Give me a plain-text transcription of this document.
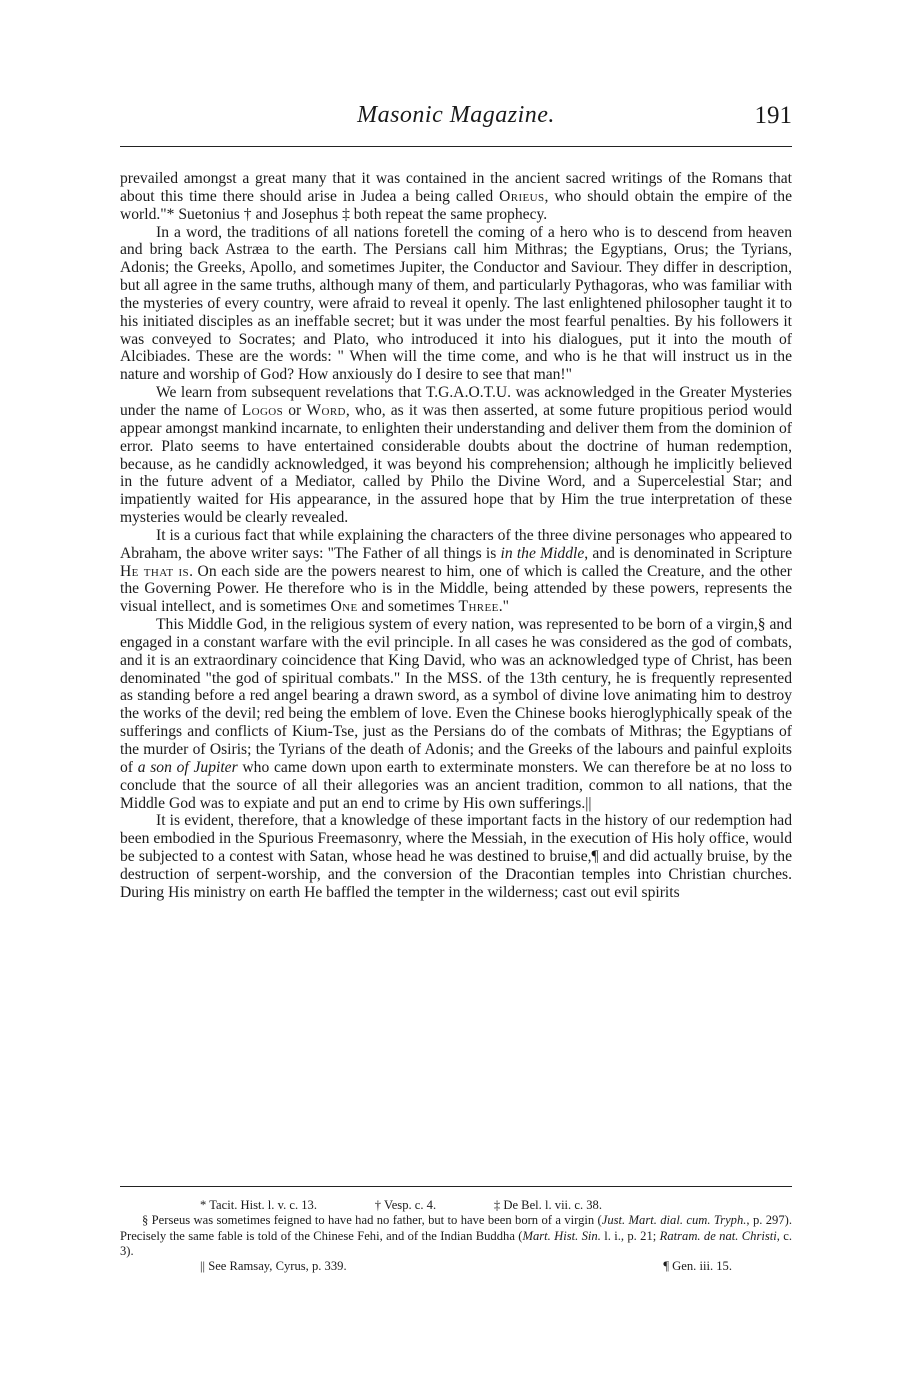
Masonic Magazine.	191

prevailed amongst a great many that it was contained in the ancient sacred writings of the Romans that about this time there should arise in Judea a being called Orieus, who should obtain the empire of the world."* Suetonius † and Josephus ‡ both repeat the same prophecy.

In a word, the traditions of all nations foretell the coming of a hero who is to descend from heaven and bring back Astræa to the earth. The Persians call him Mithras; the Egyptians, Orus; the Tyrians, Adonis; the Greeks, Apollo, and sometimes Jupiter, the Conductor and Saviour. They differ in description, but all agree in the same truths, although many of them, and particularly Pythagoras, who was familiar with the mysteries of every country, were afraid to reveal it openly. The last enlightened philosopher taught it to his initiated disciples as an ineffable secret; but it was under the most fearful penalties. By his followers it was conveyed to Socrates; and Plato, who introduced it into his dialogues, put it into the mouth of Alcibiades. These are the words: " When will the time come, and who is he that will instruct us in the nature and worship of God? How anxiously do I desire to see that man!"

We learn from subsequent revelations that T.G.A.O.T.U. was acknowledged in the Greater Mysteries under the name of Logos or Word, who, as it was then asserted, at some future propitious period would appear amongst mankind incarnate, to enlighten their understanding and deliver them from the dominion of error. Plato seems to have entertained considerable doubts about the doctrine of human redemption, because, as he candidly acknowledged, it was beyond his comprehension; although he implicitly believed in the future advent of a Mediator, called by Philo the Divine Word, and a Supercelestial Star; and impatiently waited for His appearance, in the assured hope that by Him the true interpretation of these mysteries would be clearly revealed.

It is a curious fact that while explaining the characters of the three divine personages who appeared to Abraham, the above writer says: "The Father of all things is in the Middle, and is denominated in Scripture He that is. On each side are the powers nearest to him, one of which is called the Creature, and the other the Governing Power. He therefore who is in the Middle, being attended by these powers, represents the visual intellect, and is sometimes One and sometimes Three."

This Middle God, in the religious system of every nation, was represented to be born of a virgin,§ and engaged in a constant warfare with the evil principle. In all cases he was considered as the god of combats, and it is an extraordinary coincidence that King David, who was an acknowledged type of Christ, has been denominated "the god of spiritual combats." In the MSS. of the 13th century, he is frequently represented as standing before a red angel bearing a drawn sword, as a symbol of divine love animating him to destroy the works of the devil; red being the emblem of love. Even the Chinese books hieroglyphically speak of the sufferings and conflicts of Kium-Tse, just as the Persians do of the combats of Mithras; the Egyptians of the murder of Osiris; the Tyrians of the death of Adonis; and the Greeks of the labours and painful exploits of a son of Jupiter who came down upon earth to exterminate monsters. We can therefore be at no loss to conclude that the source of all their allegories was an ancient tradition, common to all nations, that the Middle God was to expiate and put an end to crime by His own sufferings.||

It is evident, therefore, that a knowledge of these important facts in the history of our redemption had been embodied in the Spurious Freemasonry, where the Messiah, in the execution of His holy office, would be subjected to a contest with Satan, whose head he was destined to bruise,¶ and did actually bruise, by the destruction of serpent-worship, and the conversion of the Dracontian temples into Christian churches. During His ministry on earth He baffled the tempter in the wilderness; cast out evil spirits

* Tacit. Hist. l. v. c. 13.	† Vesp. c. 4.	‡ De Bel. l. vii. c. 38.

§ Perseus was sometimes feigned to have had no father, but to have been born of a virgin (Just. Mart. dial. cum. Tryph., p. 297). Precisely the same fable is told of the Chinese Fehi, and of the Indian Buddha (Mart. Hist. Sin. l. i., p. 21; Ratram. de nat. Christi, c. 3).

|| See Ramsay, Cyrus, p. 339.	¶ Gen. iii. 15.
